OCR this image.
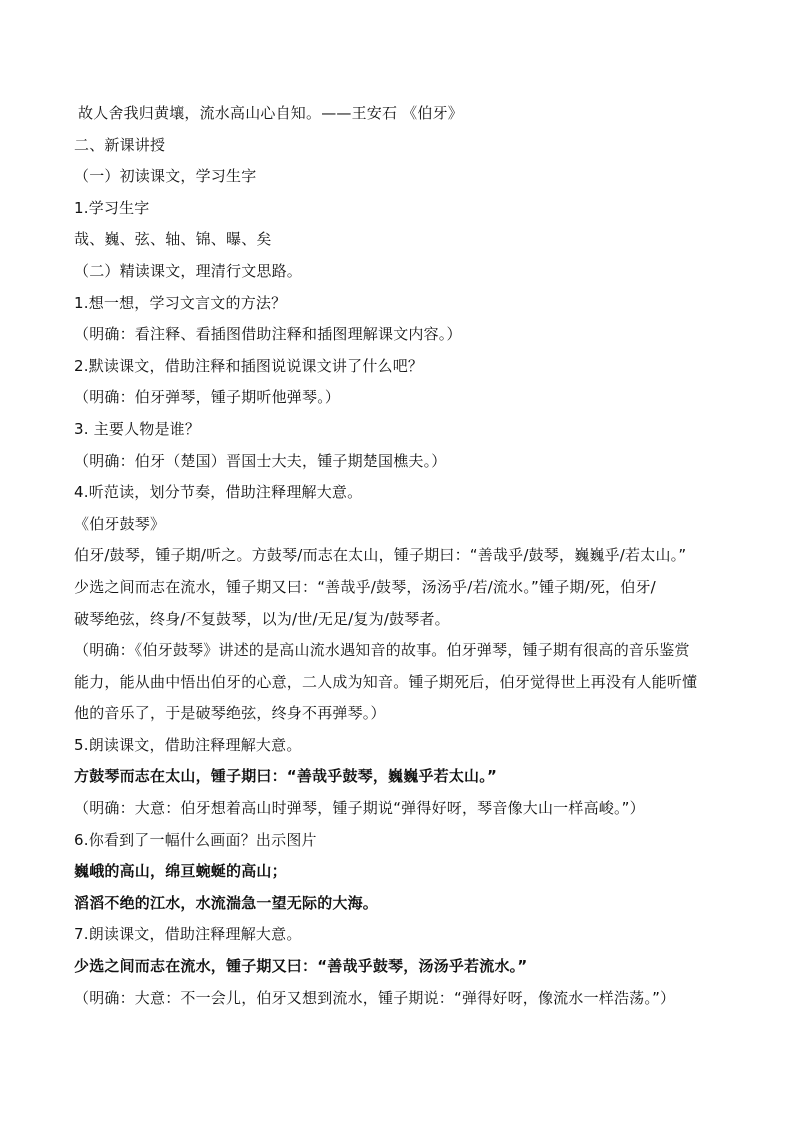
故人舍我归黄壤，流水高山心自知。——王安石 《伯牙》
二、新课讲授
（一）初读课文，学习生字
1.学习生字
哉、巍、弦、轴、锦、曝、矣
（二）精读课文，理清行文思路。
1.想一想，学习文言文的方法？
（明确：看注释、看插图借助注释和插图理解课文内容。）
2.默读课文，借助注释和插图说说课文讲了什么吧？
（明确：伯牙弹琴，锺子期听他弹琴。）
3. 主要人物是谁？
（明确：伯牙（楚国）晋国士大夫，锺子期楚国樵夫。）
4.听范读，划分节奏，借助注释理解大意。
《伯牙鼓琴》
伯牙/鼓琴，锺子期/听之。方鼓琴/而志在太山，锺子期曰：“善哉乎/鼓琴，巍巍乎/若太山。”
少选之间而志在流水，锺子期又曰：“善哉乎/鼓琴，汤汤乎/若/流水。”锺子期/死，伯牙/
破琴绝弦，终身/不复鼓琴，以为/世/无足/复为/鼓琴者。
（明确：《伯牙鼓琴》讲述的是高山流水遇知音的故事。伯牙弹琴，锺子期有很高的音乐鉴赏
能力，能从曲中悟出伯牙的心意，二人成为知音。锺子期死后，伯牙觉得世上再没有人能听懂
他的音乐了，于是破琴绝弦，终身不再弹琴。）
5.朗读课文，借助注释理解大意。
方鼓琴而志在太山，锺子期曰：“善哉乎鼓琴，巍巍乎若太山。”
（明确：大意：伯牙想着高山时弹琴，锺子期说“弹得好呀，琴音像大山一样高峻。”）
6.你看到了一幅什么画面？出示图片
巍峨的高山，绵亘蜿蜒的高山；
滔滔不绝的江水，水流湍急一望无际的大海。
7.朗读课文，借助注释理解大意。
少选之间而志在流水，锺子期又曰：“善哉乎鼓琴，汤汤乎若流水。”
（明确：大意：不一会儿，伯牙又想到流水，锺子期说：“弹得好呀，像流水一样浩荡。”）
